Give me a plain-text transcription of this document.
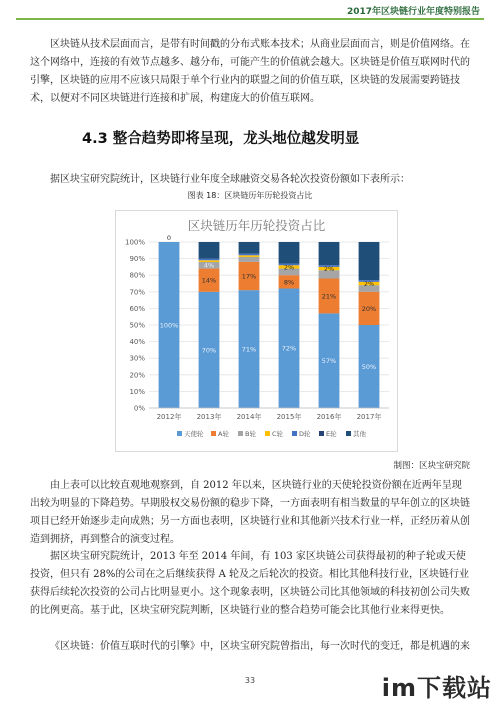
2017年区块链行业年度特别报告

区块链从技术层面而言，是带有时间戳的分布式账本技术；从商业层面而言，则是价值网络。在这个网络中，连接的有效节点越多、越分布，可能产生的价值就会越大。区块链是价值互联网时代的引擎，区块链的应用不应该只局限于单个行业内的联盟之间的价值互联，区块链的发展需要跨链技术，以便对不同区块链进行连接和扩展，构建庞大的价值互联网。

4.3 整合趋势即将呈现，龙头地位越发明显
据区块宝研究院统计，区块链行业年度全球融资交易各轮次投资份额如下表所示：
图表 18：区块链历年历轮投资占比
0%
10%
20%
30%
40%
50%
60%
70%
80%
90%
100%
100%
0
70%
14%
4%
71%
17%
72%
8%
2%
57%
21%
2%
50%
20%
2%
2012年 2013年 2014年 2015年 2016年 2017年
天使轮 A轮 B轮 C轮 D轮 E轮	其他
区块链历年历轮投资占比
制图：区块宝研究院

由上表可以比较直观地观察到，自 2012 年以来，区块链行业的天使轮投资份额在近两年呈现出较为明显的下降趋势。早期股权交易份额的稳步下降，一方面表明有相当数量的早年创立的区块链项目已经开始逐步走向成熟；另一方面也表明，区块链行业和其他新兴技术行业一样，正经历着从创造到拥挤，再到整合的演变过程。

据区块宝研究院统计，2013 年至 2014 年间，有 103 家区块链公司获得最初的种子轮或天使投资，但只有 28%的公司在之后继续获得 A 轮及之后轮次的投资。相比其他科技行业，区块链行业获得后续轮次投资的公司占比明显更小。这个现象表明，区块链公司比其他领域的科技初创公司失败的比例更高。基于此，区块宝研究院判断，区块链行业的整合趋势可能会比其他行业来得更快。

《区块链：价值互联时代的引擎》中，区块宝研究院曾指出，每一次时代的变迁，都是机遇的来

33	im下载站
